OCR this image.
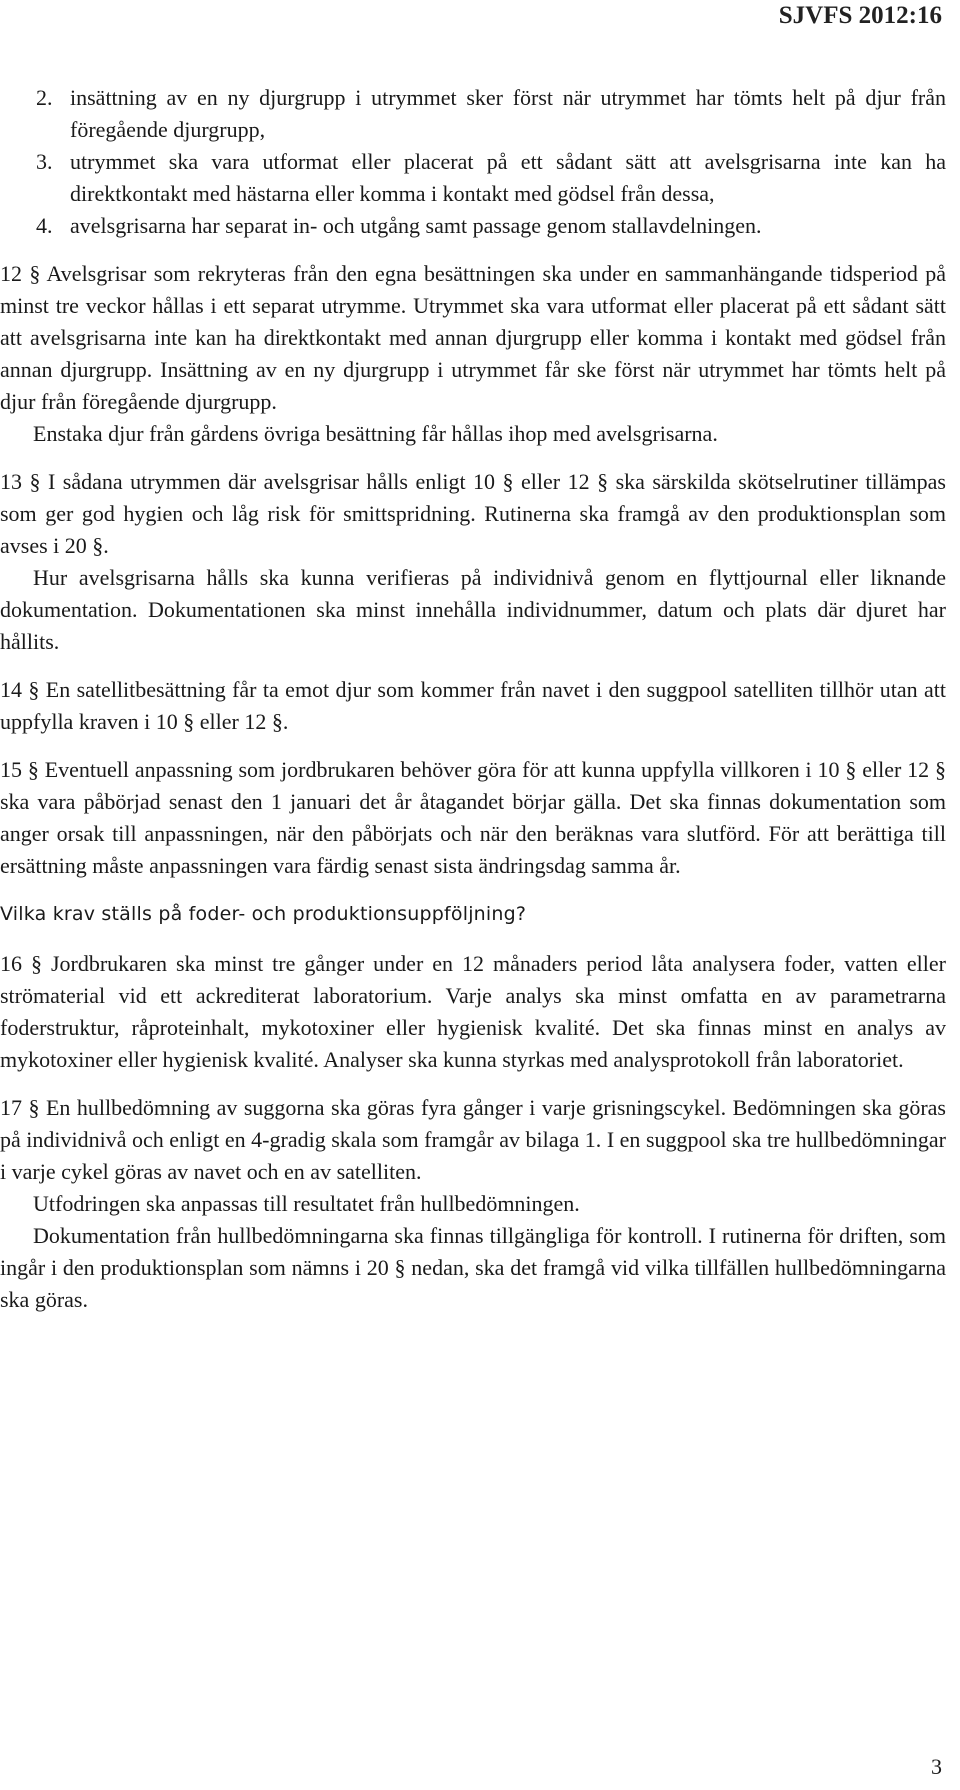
SJVFS 2012:16
2. insättning av en ny djurgrupp i utrymmet sker först när utrymmet har tömts helt på djur från föregående djurgrupp,
3. utrymmet ska vara utformat eller placerat på ett sådant sätt att avelsgrisarna inte kan ha direktkontakt med hästarna eller komma i kontakt med gödsel från dessa,
4. avelsgrisarna har separat in- och utgång samt passage genom stallavdelningen.

12 § Avelsgrisar som rekryteras från den egna besättningen ska under en sammanhängande tidsperiod på minst tre veckor hållas i ett separat utrymme. Utrymmet ska vara utformat eller placerat på ett sådant sätt att avelsgrisarna inte kan ha direktkontakt med annan djurgrupp eller komma i kontakt med gödsel från annan djurgrupp. Insättning av en ny djurgrupp i utrymmet får ske först när utrymmet har tömts helt på djur från föregående djurgrupp.

Enstaka djur från gårdens övriga besättning får hållas ihop med avelsgrisarna.

13 § I sådana utrymmen där avelsgrisar hålls enligt 10 § eller 12 § ska särskilda skötselrutiner tillämpas som ger god hygien och låg risk för smittspridning. Rutinerna ska framgå av den produktionsplan som avses i 20 §.

Hur avelsgrisarna hålls ska kunna verifieras på individnivå genom en flyttjournal eller liknande dokumentation. Dokumentationen ska minst innehålla individnummer, datum och plats där djuret har hållits.

14 § En satellitbesättning får ta emot djur som kommer från navet i den suggpool satelliten tillhör utan att uppfylla kraven i 10 § eller 12 §.

15 § Eventuell anpassning som jordbrukaren behöver göra för att kunna uppfylla villkoren i 10 § eller 12 § ska vara påbörjad senast den 1 januari det år åtagandet börjar gälla. Det ska finnas dokumentation som anger orsak till anpassningen, när den påbörjats och när den beräknas vara slutförd. För att berättiga till ersättning måste anpassningen vara färdig senast sista ändringsdag samma år.

Vilka krav ställs på foder- och produktionsuppföljning?

16 § Jordbrukaren ska minst tre gånger under en 12 månaders period låta analysera foder, vatten eller strömaterial vid ett ackrediterat laboratorium. Varje analys ska minst omfatta en av parametrarna foderstruktur, råproteinhalt, mykotoxiner eller hygienisk kvalité. Det ska finnas minst en analys av mykotoxiner eller hygienisk kvalité. Analyser ska kunna styrkas med analysprotokoll från laboratoriet.

17 § En hullbedömning av suggorna ska göras fyra gånger i varje grisningscykel. Bedömningen ska göras på individnivå och enligt en 4-gradig skala som framgår av bilaga 1. I en suggpool ska tre hullbedömningar i varje cykel göras av navet och en av satelliten.

Utfodringen ska anpassas till resultatet från hullbedömningen.

Dokumentation från hullbedömningarna ska finnas tillgängliga för kontroll. I rutinerna för driften, som ingår i den produktionsplan som nämns i 20 § nedan, ska det framgå vid vilka tillfällen hullbedömningarna ska göras.

3
